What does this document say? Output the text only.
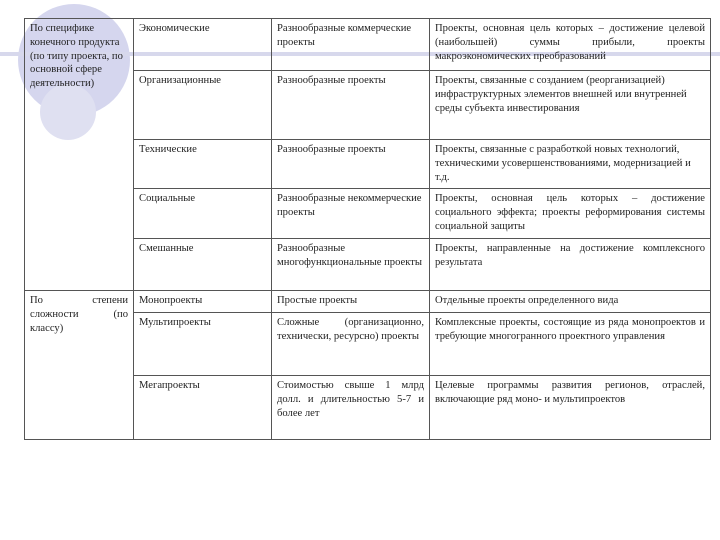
По специфике конечного продукта (по типу проекта, по основной сфере деятельности)	Экономические	Разнообразные коммерческие проекты	Проекты, основная цель которых – достижение целевой (наибольшей) суммы прибыли, проекты макроэкономических преобразований
	Организационные	Разнообразные проекты	Проекты, связанные с созданием (реорганизацией) инфраструктурных элементов внешней или внутренней среды субъекта инвестирования
	Технические	Разнообразные проекты	Проекты, связанные с разработкой новых технологий, техническими усовершенствованиями, модернизацией и т.д.
	Социальные	Разнообразные некоммерческие проекты	Проекты, основная цель которых – достижение социального эффекта; проекты реформирования системы социальной защиты
	Смешанные	Разнообразные многофункциональные проекты	Проекты, направленные на достижение комплексного результата
По степени сложности (по классу)	Монопроекты	Простые проекты	Отдельные проекты определенного вида
	Мультипроекты	Сложные (организационно, технически, ресурсно) проекты	Комплексные проекты, состоящие из ряда монопроектов и требующие многогранного проектного управления
	Мегапроекты	Стоимостью свыше 1 млрд долл. и длительностью 5-7 и более лет	Целевые программы развития регионов, отраслей, включающие ряд моно- и мультипроектов
